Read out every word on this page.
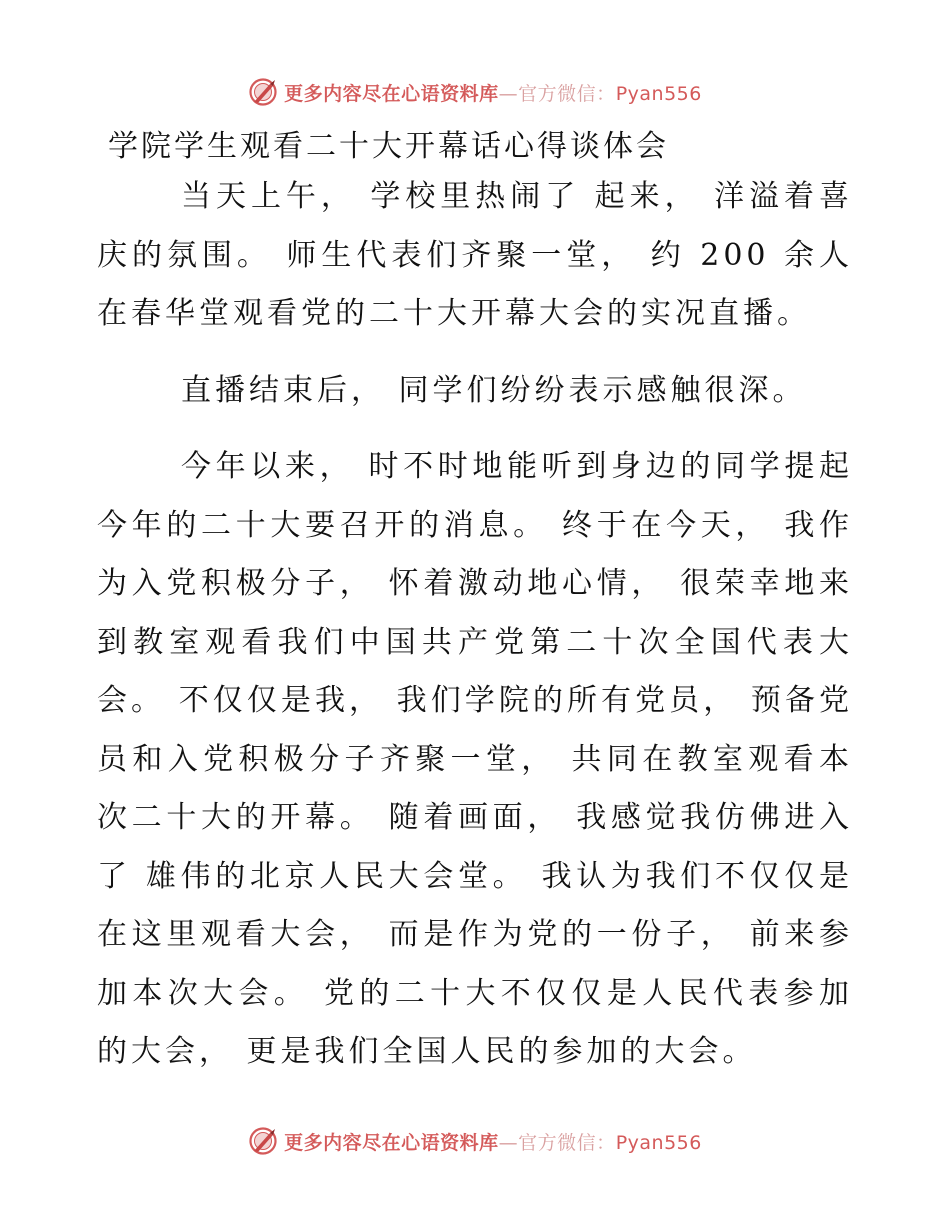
更多内容尽在心语资料库—官方微信：Pyan556
学院学生观看二十大开幕话心得谈体会

当天上午， 学校里热闹了 起来， 洋溢着喜庆的氛围。 师生代表们齐聚一堂， 约 200 余人在春华堂观看党的二十大开幕大会的实况直播。

直播结束后， 同学们纷纷表示感触很深。

今年以来， 时不时地能听到身边的同学提起今年的二十大要召开的消息。 终于在今天， 我作为入党积极分子， 怀着激动地心情， 很荣幸地来到教室观看我们中国共产党第二十次全国代表大会。 不仅仅是我， 我们学院的所有党员， 预备党员和入党积极分子齐聚一堂， 共同在教室观看本次二十大的开幕。 随着画面， 我感觉我仿佛进入了 雄伟的北京人民大会堂。 我认为我们不仅仅是在这里观看大会， 而是作为党的一份子， 前来参加本次大会。 党的二十大不仅仅是人民代表参加的大会， 更是我们全国人民的参加的大会。

更多内容尽在心语资料库—官方微信：Pyan556
